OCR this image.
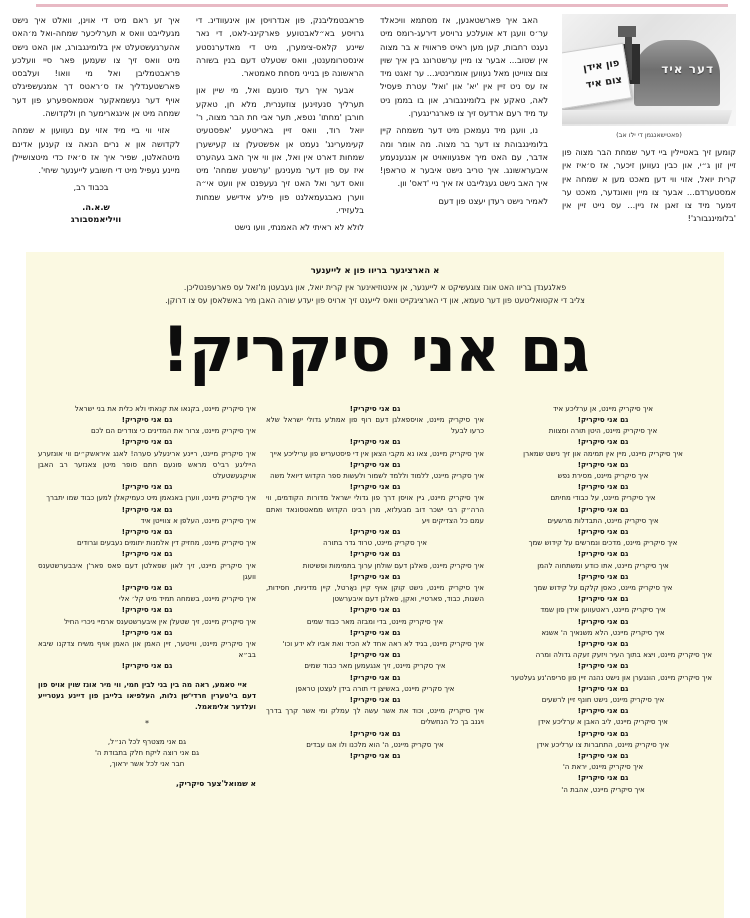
דער איד
פון אידן
צום איד
(פאטישאנגמן די ילו אב)
קומען זיך באטיילין ביי דער שמחת הבר מצוה פון זיין זון ג״י, און כבין נעווען זיכער, אז ס׳איז אין קרית יואל, אזוי ווי דען מאכט מען א שמחה אין אמסטערדם... אבער צו מיין וואונדער, מאכט ער זימער מיד צו זאגן אז ניין... עס נייט זיין אין 'בלומינגבורג'!

האב איך פארשטאנען, אז מסתמא וויכאלד ער׳ס וועגן דא אועלכע נרויסע דירעג-רומס מיט נעגט רחבות, קען מען ראיט פראוויז א בר מצוה אין שטוב... אבער צו מיין ערשטרונג בין איך שוין צום צווייטן מאל נעווען אומרינטיג... ער זאגט מיד אז עס ניט זיין אין 'יא' און 'ואל' עטרת פעסיל לאה, טאקע אין בלומינגבורג, און בו בממן ניט עד מיד רעם ארדעס זיך צו פארגרינגערן.

נו, וועגן מיד נעמאכן מיט דער משמחה קיין בלומינגבוהת צו דער בר מצוה. מה אומר ומה אדבר, עם האט מיך אפגעוואויט אן אנגענעמע איבעראשונג. איך טריב נישט איבער א טראפן! איך האב נישט געגלייבט אז איך ניי 'דאס' וון.

לאמיר נישט רעדן יעצט פון דעם

פראבטמליבנק, פון אנדרויסן און אינעוודינ. די גרויסע בא״לאבטועע פארקינג-לאט, די נאר שיינע קלאס-צימערן, מיט די מאדערנסטע אינסטרומענטן, וואס שטעלט דעם בנין בשורה הראשונה פן בנייני מסחת סאמטאר.

אבער איך רעד סונעם ואל, מי שיין און תערליך סנעזינען צוזענרית, מלא חן, טאקע חורבן 'מחתו' נטפא, תער אבי חת הבר מצוה, ר' יואל רוד, וואס זיין באריטעע 'אפסטעיט קעימערינג' נעמט אן אפשטעלן צו קעישערן שמחות דארט אין ואל, און ווי איך האב געהערט איז עס פון דער מענינען 'ערשטע שמחה' מיט וואס דער ואל האט זיך נעעפנט אין וועט אי״ה ווערן נאבגעמאלנט פון פילע אידישע שמחות בלעזידי.

לולא לא ראיתי לא האמנתי, וועו נישט

איך זע ראם מיט די אוינן, וואלט איך נישט מגעלייבט וואס א תערליכער שמחה-ואל מ׳האט אהערגעשטעלט אין בלומינגבורג, און האט נישט מיט וואס זיך צו שעמען פאר סיי וועלכע פראבטמליבן ואל מי וואו! ועלבסט פארשטענדליך אז ס׳ראטס דך אמגעשפיגלט אויף דער נעשמאקער אטמאספערע פון דער שמחה מיט אן אינגארימער חן ולקדושה.

אזוי ווי ביי מיד אזוי עם נעוועון א שמחה לקדושה און א נרים הנאה צו קענען אדינם מיטהאלטן, שפיר איך אז ס׳איז כדי מיטצושיילן מיינע נעפיל מיט די חשובע לייענער שיחי'.

בכבוד רב,

ש.א.ה.
וויליאמסבורג
א הארציגער בריוו פון א לייענער
פאלגענדן בריוו האט אונז צוגעשיקט א לייענער, אן אינטוזיאינער אין קרית יואל, און געבעטן מ'זאל עס פארעפנטליכן.
צליב די אקטואליטעט פון דער טעמא, און די הארציגקייט וואס לייענט זיך ארויס פון יעדע שורה האבן מיר באשלאסן עס צו דרוקן.
גם אני סיקריק!
איך סיקריק מיינט, אן ערליכע איד
גם אני סיקריק!
איך סיקריק מיינט, היטן תורה ומצוות
גם אני סיקריק!
איך סיקריק מיינט, מיין אין תמימה און זיך נישט שמארן
גם אני סיקריק!
איך סיקריק מיינט, מסירת נפש
גם אני סיקריק!
איך סיקריק מיינט, על כבודי מחיתם
גם אני סיקריק!
איך סיקריק מיינט, התבדלות מרשעים
גם אני סיקריק!
איך סיקריק מיינט, מדכים ונמרשים על קידוש שמך
גם אני סיקריק!
איך סיקריק מיינט, אתו כודע ומשתחוה להמן
גם אני סיקריק!
איך סיקריק מיינט, כאסן קלקם על קידוש שמך
גם אני סיקריק!
איך סיקריק מיינט, ראטעווען אידן פון שמד
גם אני סיקריק!
איך סיקריק מיינט, הלא משנאיך ה' אשנא
גם אני סיקריק!
איך סיקריק מיינט, ויצא בתוך העיר ויזעק זעקה גדולה ומרה
גם אני סיקריק!
איך סיקריק מיינט, הונגערן און נישט נהנה זיין פון סריפה'נע געלטער
גם אני סיקריק!
איך סיקריק מיינט, נישט חונף זיין לרשעים
גם אני סיקריק!
איך סיקריק מיינט, ליב האבן א ערליכע אידן
גם אני סיקריק!
איך סיקריק מיינט, התחברות צו ערליכע אידן
גם אני סיקריק!
איך סיקריק מיינט, יראת ה'
גם אני סיקריק!
איך סיקריק מיינט, אהבת ה'
גם אני סיקריק!
איך סיקריק מיינט, אויספאלגן דעם רוף פון אמת'ע גדולי ישראל שלא כרעו לבעל
גם אני סיקריק!
איך סיקריק מיינט, צאו נא מקבי הצאן אין די פיסטעריש פון עריליכע אייך
גם אני סיקריק!
איך סקריק מיינט, ללמוד וללמד לשמור ולעשות ספר הקדוש דיואל משה
גם אני סיקריק!
איך סיקריק מיינט, גיין אויסן דרך פון גדולי ישראל מדורות הקודמים, ווי הרה״ק רבי ישכר דוב מבעלזא, מרן רבינו הקדוש ממאטסונאד ואתם עמם כל הצדיקים ויע
גם אני סיקריק!
איך סקריק מיינט, טרוד גדר בתורה
גם אני סיקריק!
איך סיקריק מיינט, פאלגן דעם שולחן ערוך בתמימות ופשיטות
גם אני סיקריק!
איך סיקריק מיינט, נישט קוקן אויף קיין נאַרטל, קיין מדיניות, חסידות, השגות, כבוד, פארטיי, ואקן, פאלגן דעם איבערשטן
גם אני סיקריק!
איך סיקריק מיינט, בדי ומבזה מאר כבוד שמים
גם אני סיקריק!
איך סיקריק מיינט, בגיד לא ראה אחד לא הכיד ואת אביו לא ידע וכו'
גם אני סיקריק!
איך סקריק מיינט, זיך אנגעמען מאר כבוד שמים
גם אני סיקריק!
איך סקריק מיינט, באשיצן די תורה בידן לעצטן טראפן
גם אני סיקריק!
איך סיקריק מיינט, וכוד את אשר עשה לך עמלק ומי אשר קרך בדרך ויגנב בך כל הנחשלים
גם אני סיקריק!
איך סקריק מיינט, ה' הוא מלכנו ולו אנו עבדים
גם אני סיקריק!
איך סיקריק מיינט, בקנאו את קנאתי ולא כלית את בני ישראל
גם אני סיקריק!
איך סיקריק מיינט, צרור את המדינים כי צודרים הם לכם
גם אני סיקריק!
איך סיקריק מיינט, ריינע ארינעלע סערה! לאנג איראשק״ים ווי אונזערע הייליגע רבי'ס מראש פונעם חתם סופר מיטן צאנזער רב האבן אויקגעשטעלט
גם אני סיקריק!
איך סיקריק מיינט, ווערן באנאמן מיט כעמיקאלן למען כבוד שמו יתברך
גם אני סיקריק!
איך סיקריק מיינט, העלפן א צווייטן איד
גם אני סיקריק!
איך סיקריק מיינט, מחזיק דין אלמנות יתומים נעבעים וגרודים
גם אני סיקריק!
איך סיקריק מיינט, זיך לאון שפאלטן דעם פאס פאר'ן איבבערשטענס וועגן
גם אני סיקריק!
איך סיקריק מיינט, בשמחה תמיד מיט קל׳ אלי
גם אני סיקריק!
איך סיקריק מיינט, זיך שטעלן אין איבערשטענס ארמיי ניכרי החיל
גם אני סיקריק!
איך סיקריק מיינט, ווייטער, זיין האמן און האמן אויף משיח צדקנו שיבא בב״א
גם אני סיקריק!
איי טאמע, ראה מה בין בני לבין חמי, ווי מיר אונז שוין אויס פון דעם בי'טערין חרדי'שן גלות, העלפיאו בלייבן פון דיינע געטרייע ועלדער אלימאמל.
*
גם אני מצטרף לכל הנ״ל,
גם אני רוצה ליקח חלק בתבודת ה'
חבר אני לכל אשר יראוך,
א שמואל'צער סיקריק,
